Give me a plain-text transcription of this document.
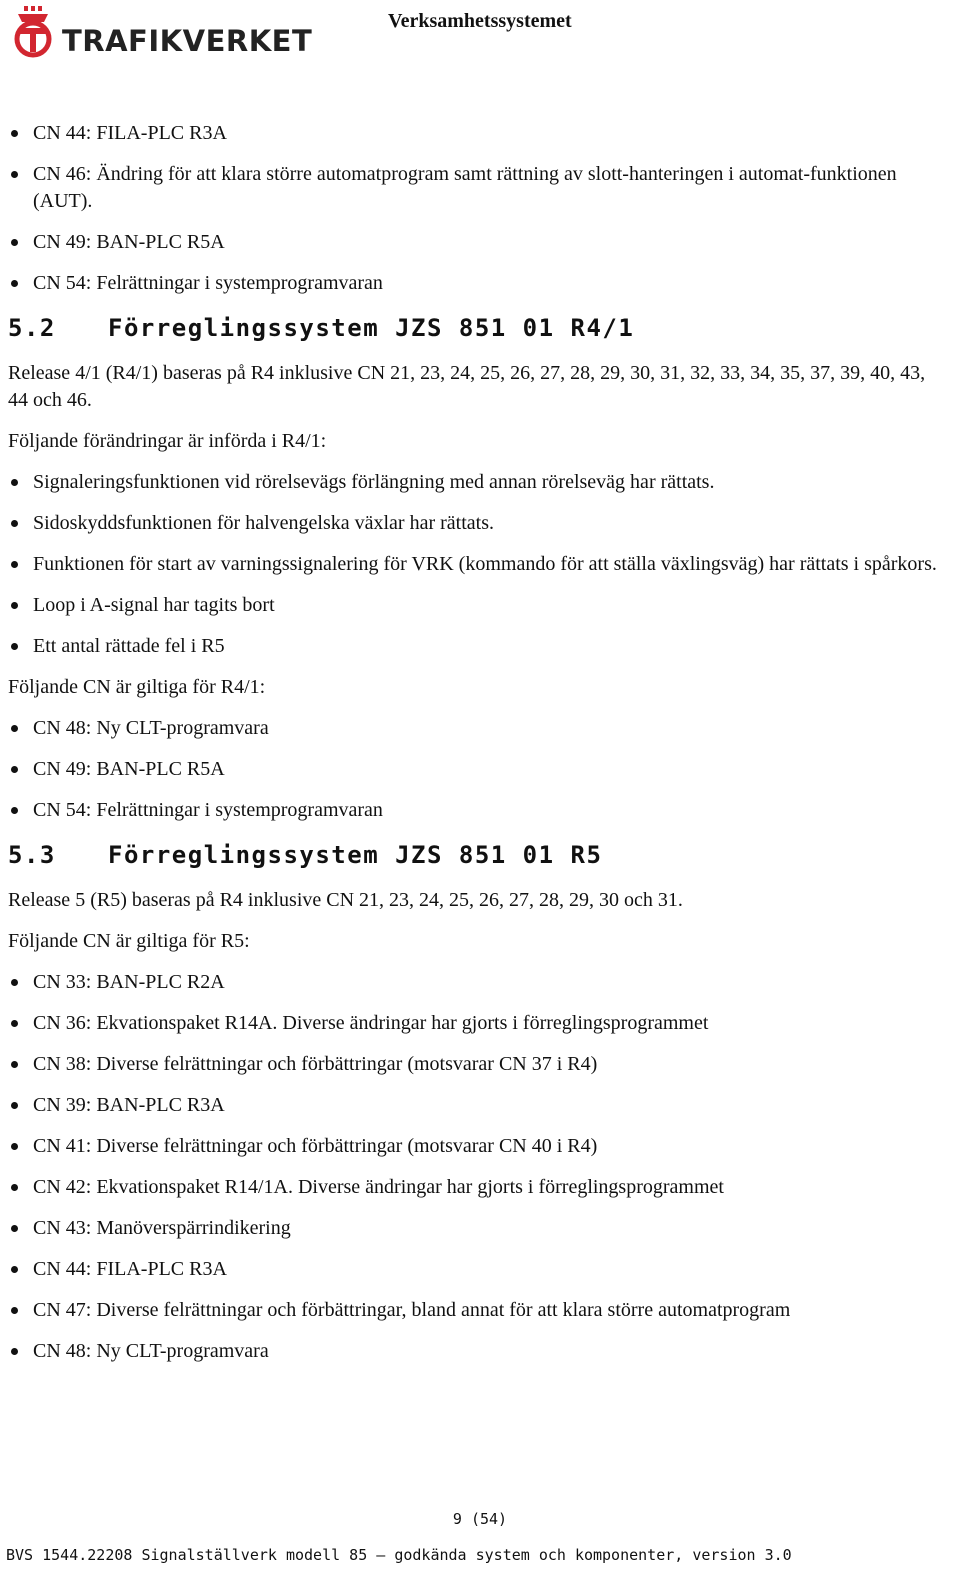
TRAFIKVERKET
Verksamhetssystemet
CN 44: FILA-PLC R3A
CN 46: Ändring för att klara större automatprogram samt rättning av slott-hanteringen i automat-funktionen (AUT).
CN 49: BAN-PLC R5A
CN 54: Felrättningar i systemprogramvaran
5.2 Förreglingssystem JZS 851 01 R4/1

Release 4/1 (R4/1) baseras på R4 inklusive CN 21, 23, 24, 25, 26, 27, 28, 29, 30, 31, 32, 33, 34, 35, 37, 39, 40, 43, 44 och 46.

Följande förändringar är införda i R4/1:

Signaleringsfunktionen vid rörelsevägs förlängning med annan rörelseväg har rättats.
Sidoskyddsfunktionen för halvengelska växlar har rättats.
Funktionen för start av varningssignalering för VRK (kommando för att ställa växlingsväg) har rättats i spårkors.
Loop i A-signal har tagits bort
Ett antal rättade fel i R5

Följande CN är giltiga för R4/1:

CN 48: Ny CLT-programvara
CN 49: BAN-PLC R5A
CN 54: Felrättningar i systemprogramvaran
5.3 Förreglingssystem JZS 851 01 R5

Release 5 (R5) baseras på R4 inklusive CN 21, 23, 24, 25, 26, 27, 28, 29, 30 och 31.

Följande CN är giltiga för R5:

CN 33: BAN-PLC R2A
CN 36: Ekvationspaket R14A. Diverse ändringar har gjorts i förreglingsprogrammet
CN 38: Diverse felrättningar och förbättringar (motsvarar CN 37 i R4)
CN 39: BAN-PLC R3A
CN 41: Diverse felrättningar och förbättringar (motsvarar CN 40 i R4)
CN 42: Ekvationspaket R14/1A. Diverse ändringar har gjorts i förreglingsprogrammet
CN 43: Manöverspärrindikering
CN 44: FILA-PLC R3A
CN 47: Diverse felrättningar och förbättringar, bland annat för att klara större automatprogram
CN 48: Ny CLT-programvara
9 (54)
BVS 1544.22208 Signalställverk modell 85 – godkända system och komponenter, version 3.0
